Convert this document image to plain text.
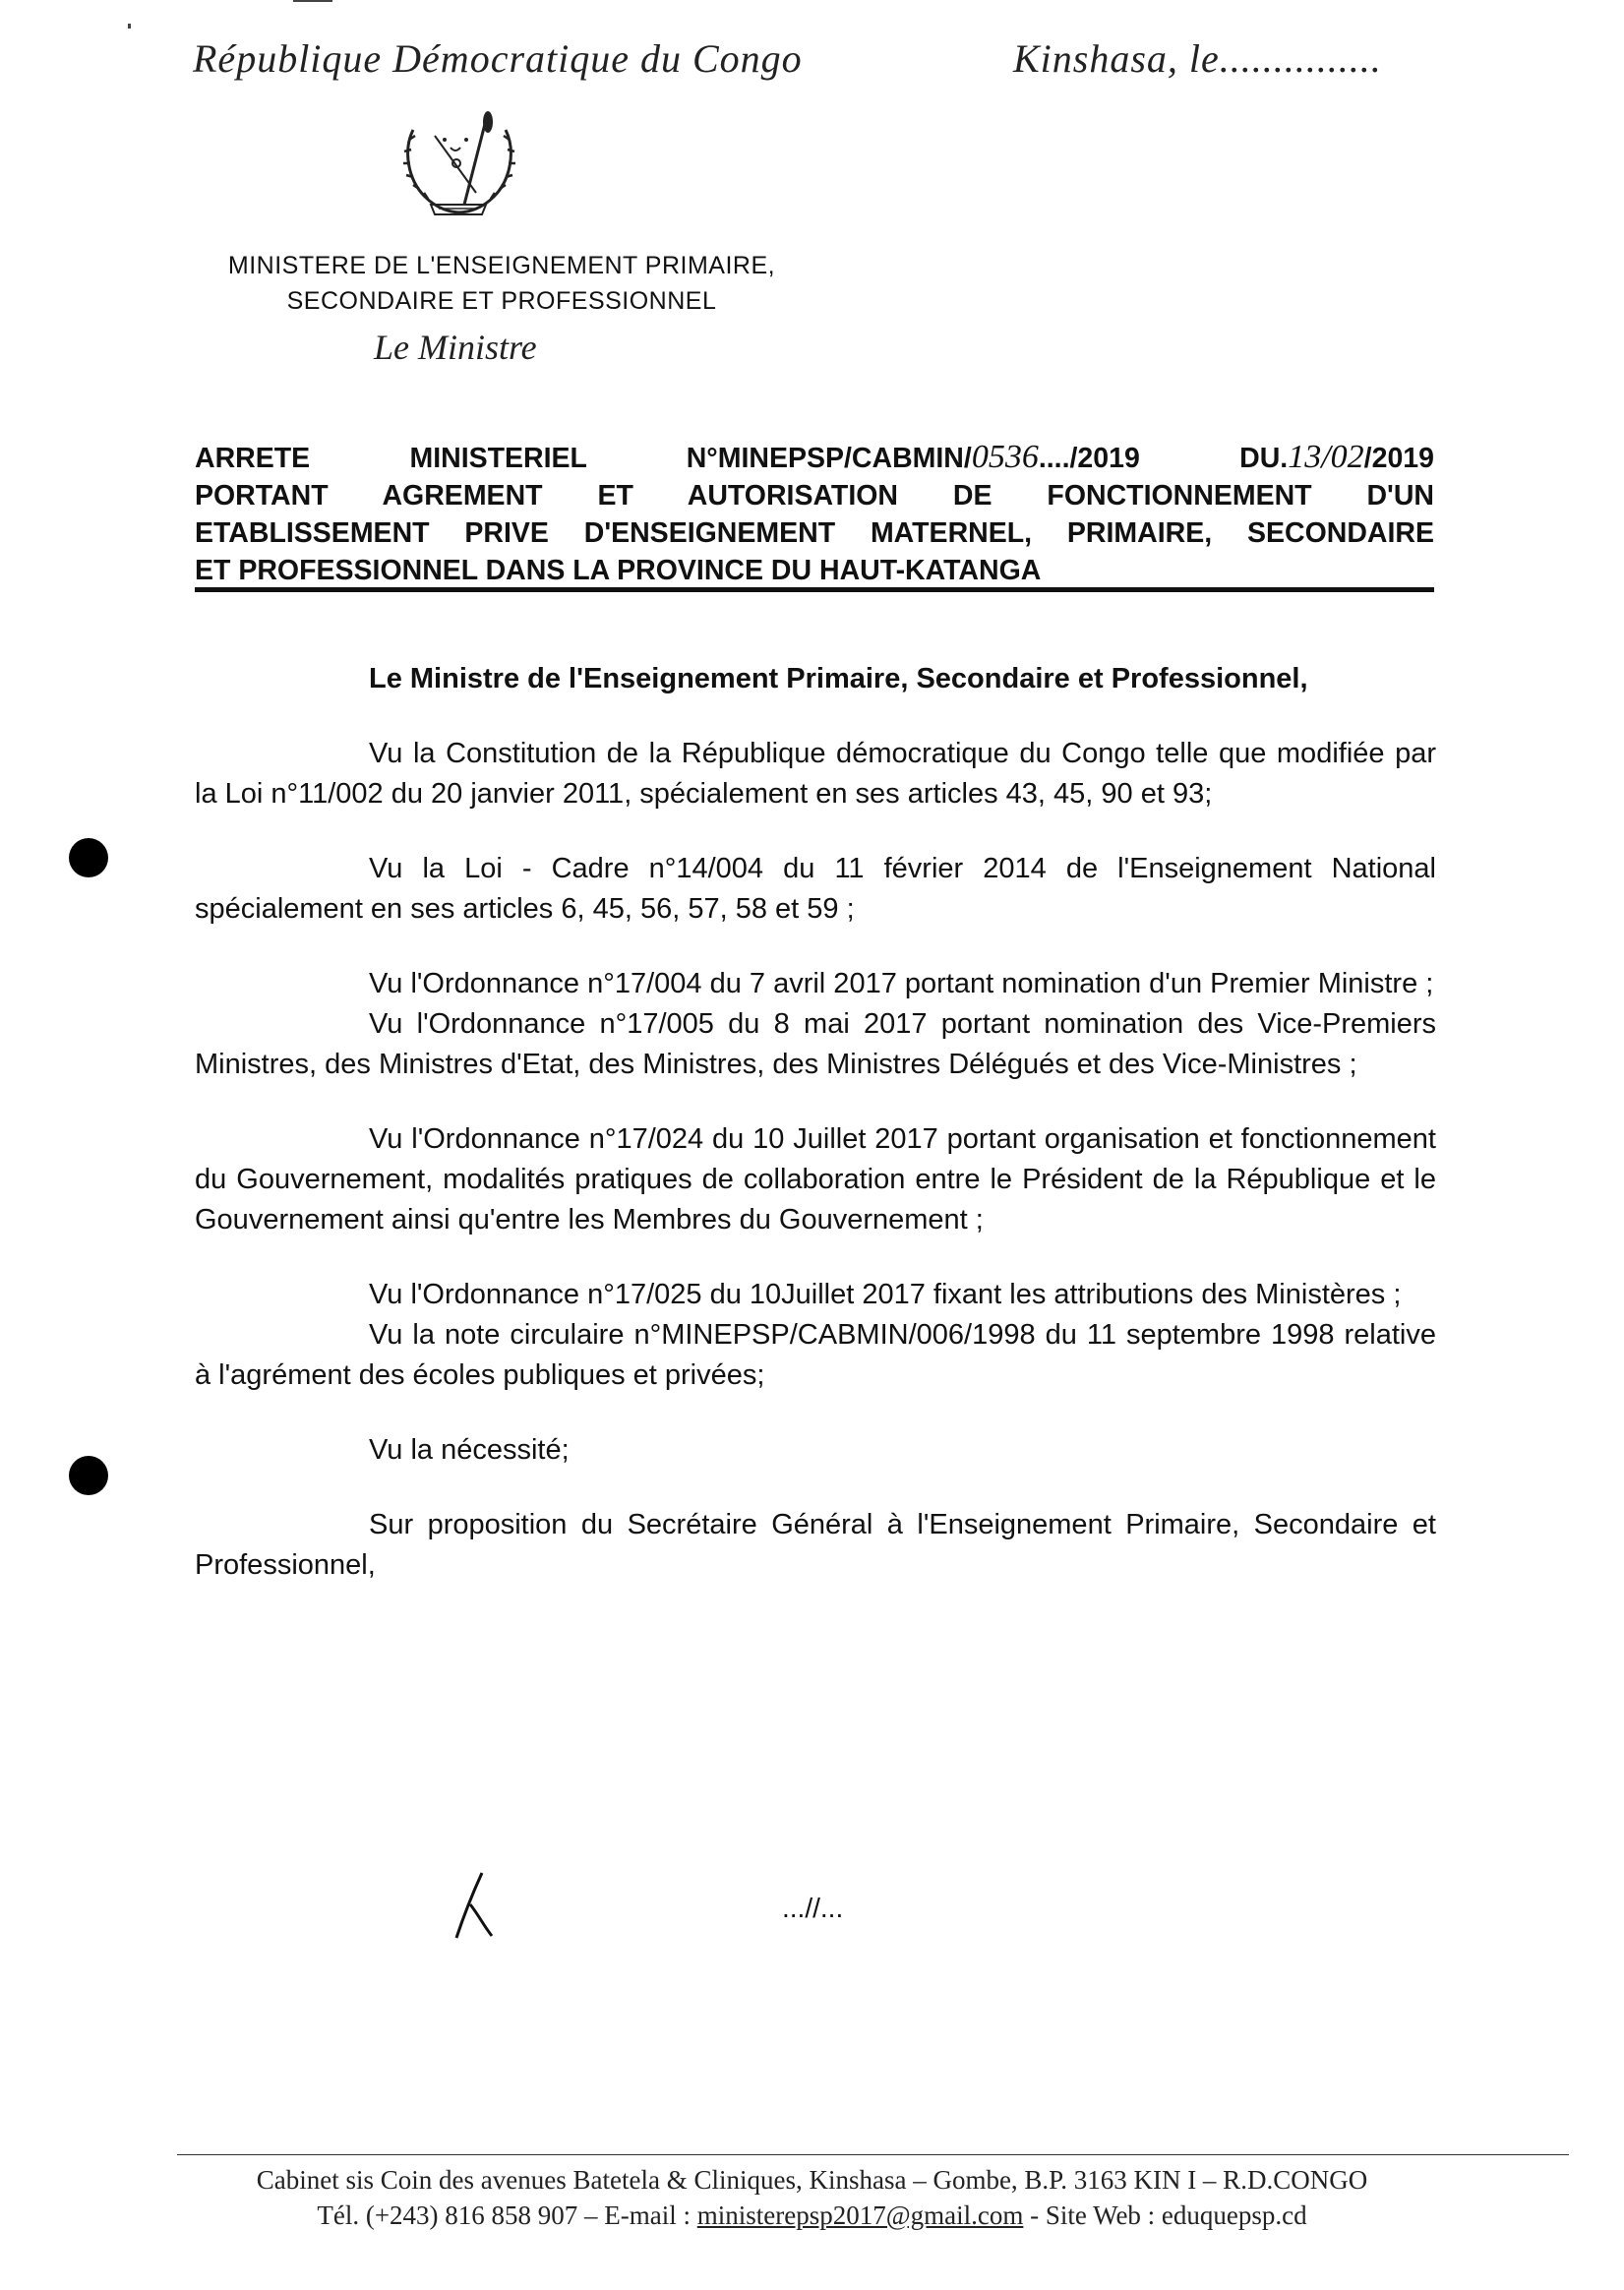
République Démocratique du Congo	Kinshasa, le...............
MINISTERE DE L'ENSEIGNEMENT PRIMAIRE,
SECONDAIRE ET PROFESSIONNEL
Le Ministre
ARRETE MINISTERIEL N°MINEPSP/CABMIN/0536..../2019	DU.13/02/2019
PORTANT AGREMENT ET AUTORISATION DE FONCTIONNEMENT D'UN
ETABLISSEMENT PRIVE D'ENSEIGNEMENT MATERNEL, PRIMAIRE, SECONDAIRE
ET PROFESSIONNEL DANS LA PROVINCE DU HAUT-KATANGA

Le Ministre de l'Enseignement Primaire, Secondaire et Professionnel,

Vu la Constitution de la République démocratique du Congo telle que modifiée par la Loi n°11/002 du 20 janvier 2011, spécialement en ses articles 43, 45, 90 et 93;

Vu la Loi - Cadre n°14/004 du 11 février 2014 de l'Enseignement National spécialement en ses articles 6, 45, 56, 57, 58 et 59 ;

Vu l'Ordonnance n°17/004 du 7 avril 2017 portant nomination d'un Premier Ministre ;

Vu l'Ordonnance n°17/005 du 8 mai 2017 portant nomination des Vice-Premiers Ministres, des Ministres d'Etat, des Ministres, des Ministres Délégués et des Vice-Ministres ;

Vu l'Ordonnance n°17/024 du 10 Juillet 2017 portant organisation et fonctionnement du Gouvernement, modalités pratiques de collaboration entre le Président de la République et le Gouvernement ainsi qu'entre les Membres du Gouvernement ;

Vu l'Ordonnance n°17/025 du 10Juillet 2017 fixant les attributions des Ministères ;

Vu la note circulaire n°MINEPSP/CABMIN/006/1998 du 11 septembre 1998 relative à l'agrément des écoles publiques et privées;

Vu la nécessité;

Sur proposition du Secrétaire Général à l'Enseignement Primaire, Secondaire et Professionnel,

...//...
Cabinet sis Coin des avenues Batetela & Cliniques, Kinshasa – Gombe, B.P. 3163 KIN I – R.D.CONGO
Tél. (+243) 816 858 907 – E-mail : ministerepsp2017@gmail.com - Site Web : eduquepsp.cd
